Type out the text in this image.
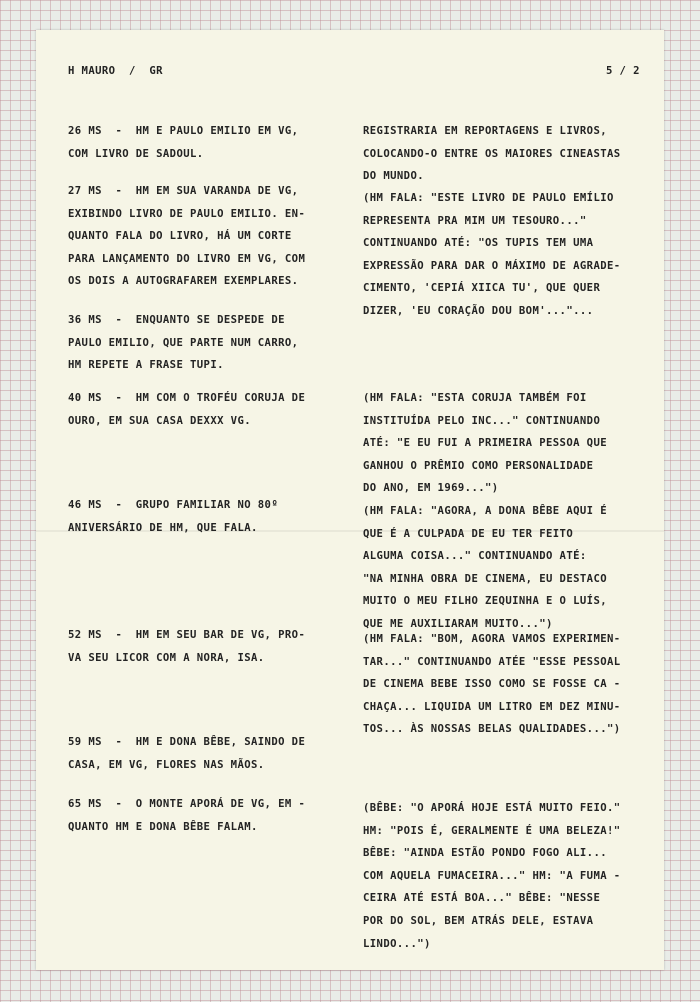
H MAURO  /  GR	5 / 2
26 MS  -  HM E PAULO EMILIO EM VG,
COM LIVRO DE SADOUL.
27 MS  -  HM EM SUA VARANDA DE VG,
EXIBINDO LIVRO DE PAULO EMILIO. EN-
QUANTO FALA DO LIVRO, HÁ UM CORTE
PARA LANÇAMENTO DO LIVRO EM VG, COM
OS DOIS A AUTOGRAFAREM EXEMPLARES.
36 MS  -  ENQUANTO SE DESPEDE DE
PAULO EMILIO, QUE PARTE NUM CARRO,
HM REPETE A FRASE TUPI.
40 MS  -  HM COM O TROFÉU CORUJA DE
OURO, EM SUA CASA DEXXX VG.
46 MS  -  GRUPO FAMILIAR NO 80º
ANIVERSÁRIO DE HM, QUE FALA.
52 MS  -  HM EM SEU BAR DE VG, PRO-
VA SEU LICOR COM A NORA, ISA.
59 MS  -  HM E DONA BÊBE, SAINDO DE
CASA, EM VG, FLORES NAS MÃOS.
65 MS  -  O MONTE APORÁ DE VG, EM -
QUANTO HM E DONA BÊBE FALAM.
REGISTRARIA EM REPORTAGENS E LIVROS,
COLOCANDO-O ENTRE OS MAIORES CINEASTAS
DO MUNDO.
(HM FALA: "ESTE LIVRO DE PAULO EMÍLIO
REPRESENTA PRA MIM UM TESOURO..."
CONTINUANDO ATÉ: "OS TUPIS TEM UMA
EXPRESSÃO PARA DAR O MÁXIMO DE AGRADE-
CIMENTO, 'CEPIÁ XIICA TU', QUE QUER
DIZER, 'EU CORAÇÃO DOU BOM'..."...
(HM FALA: "ESTA CORUJA TAMBÉM FOI
INSTITUÍDA PELO INC..." CONTINUANDO
ATÉ: "E EU FUI A PRIMEIRA PESSOA QUE
GANHOU O PRÊMIO COMO PERSONALIDADE
DO ANO, EM 1969...")
(HM FALA: "AGORA, A DONA BÊBE AQUI É
QUE É A CULPADA DE EU TER FEITO
ALGUMA COISA..." CONTINUANDO ATÉ:
"NA MINHA OBRA DE CINEMA, EU DESTACO
MUITO O MEU FILHO ZEQUINHA E O LUÍS,
QUE ME AUXILIARAM MUITO...")
(HM FALA: "BOM, AGORA VAMOS EXPERIMEN-
TAR..." CONTINUANDO ATÉE "ESSE PESSOAL
DE CINEMA BEBE ISSO COMO SE FOSSE CA -
CHAÇA... LIQUIDA UM LITRO EM DEZ MINU-
TOS... ÀS NOSSAS BELAS QUALIDADES...")
(BÊBE: "O APORÁ HOJE ESTÁ MUITO FEIO."
HM: "POIS É, GERALMENTE É UMA BELEZA!"
BÊBE: "AINDA ESTÃO PONDO FOGO ALI...
COM AQUELA FUMACEIRA..." HM: "A FUMA -
CEIRA ATÉ ESTÁ BOA..." BÊBE: "NESSE
POR DO SOL, BEM ATRÁS DELE, ESTAVA
LINDO...")
